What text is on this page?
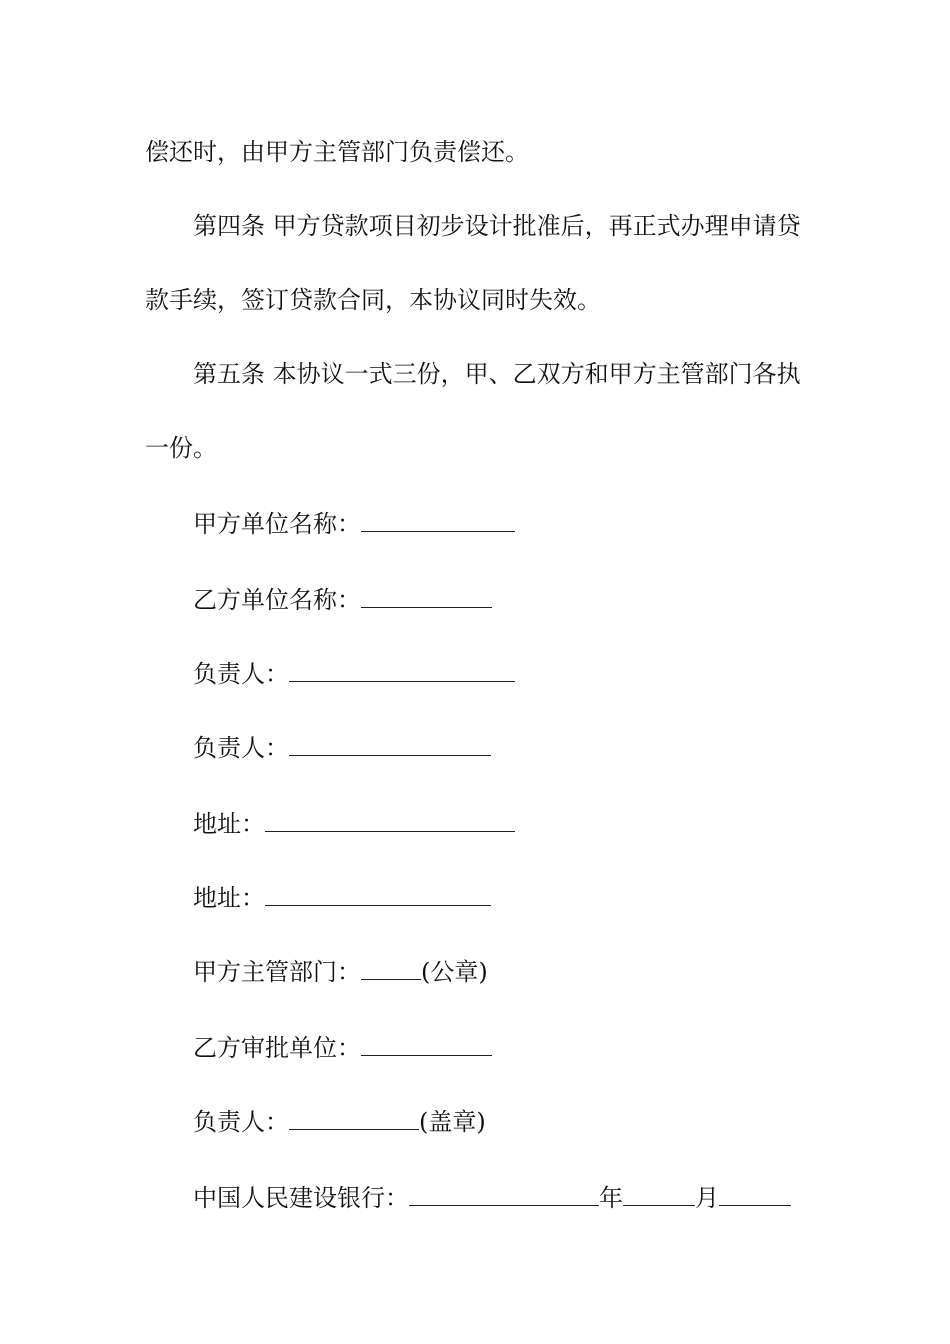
偿还时，由甲方主管部门负责偿还。
第四条 甲方贷款项目初步设计批准后，再正式办理申请贷
款手续，签订贷款合同，本协议同时失效。
第五条 本协议一式三份，甲、乙双方和甲方主管部门各执
一份。
甲方单位名称：
乙方单位名称：
负责人：
负责人：
地址：
地址：
甲方主管部门：	(公章)
乙方审批单位：
负责人：	(盖章)
中国人民建设银行：	年	月
